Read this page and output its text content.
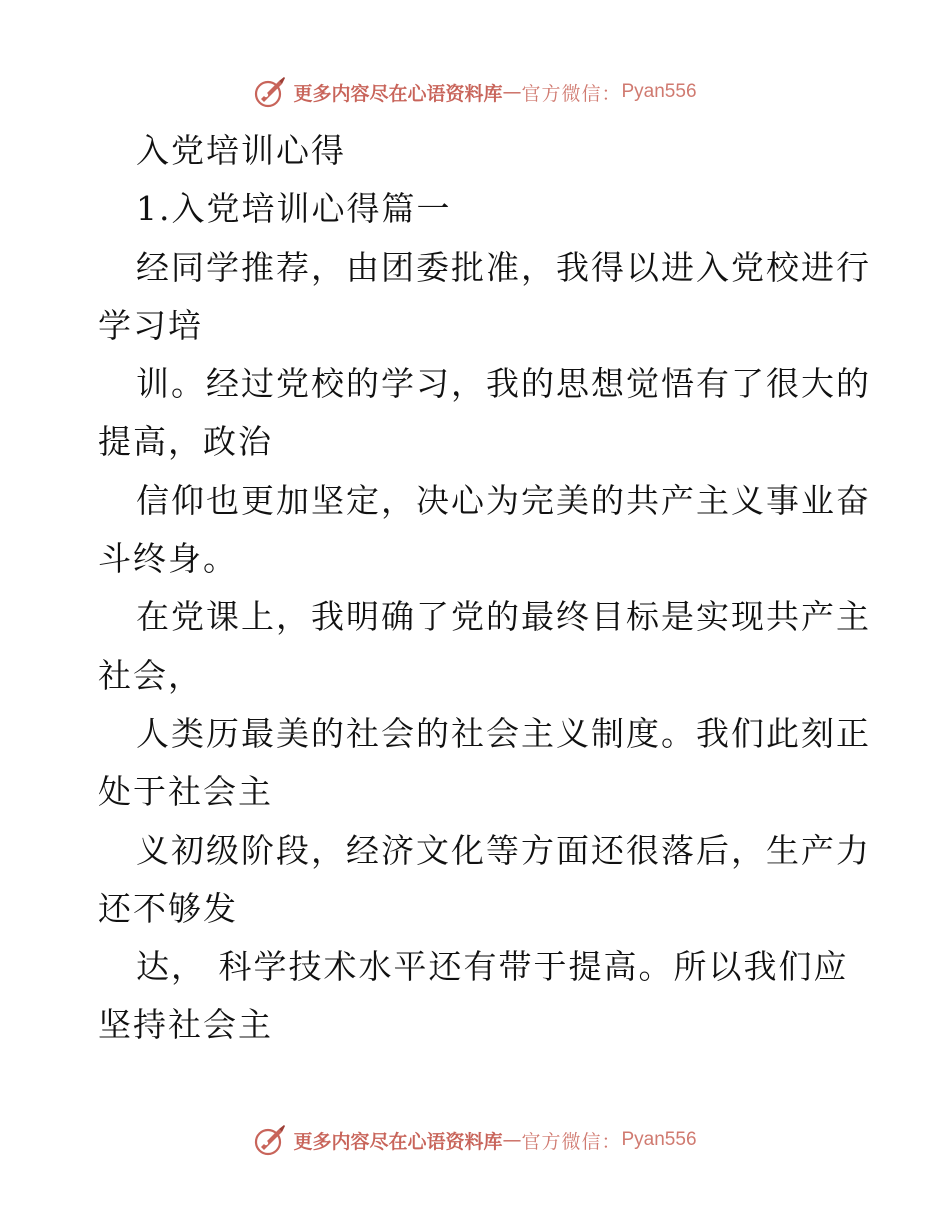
更多内容尽在心语资料库 — 官方微信： Pyan556
入党培训心得
1.入党培训心得篇一
经同学推荐，由团委批准，我得以进入党校进行
学习培
训。经过党校的学习，我的思想觉悟有了很大的
提高，政治
信仰也更加坚定，决心为完美的共产主义事业奋
斗终身。
在党课上，我明确了党的最终目标是实现共产主
社会，
人类历最美的社会的社会主义制度。我们此刻正
处于社会主
义初级阶段，经济文化等方面还很落后，生产力
还不够发
达， 科学技术水平还有带于提高。所以我们应
坚持社会主
更多内容尽在心语资料库 — 官方微信： Pyan556
